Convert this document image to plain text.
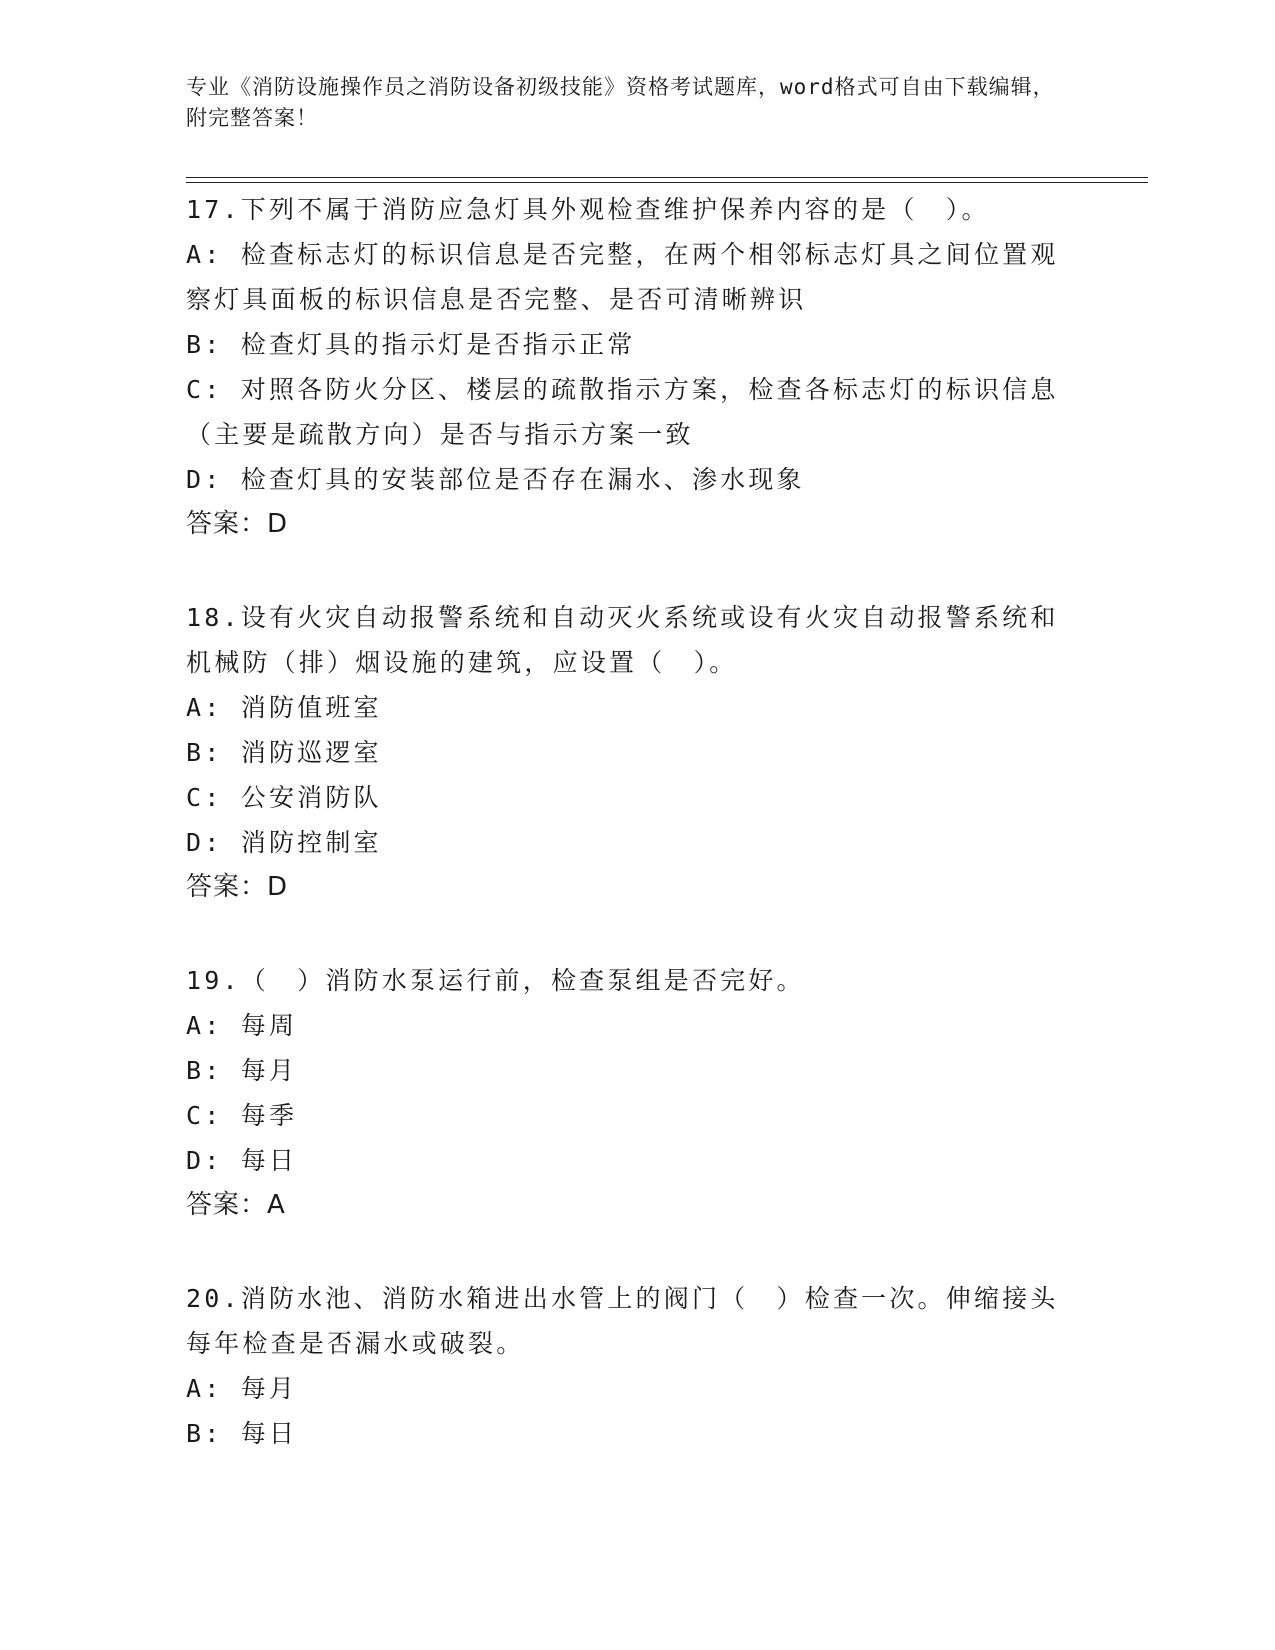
专业《消防设施操作员之消防设备初级技能》资格考试题库，word格式可自由下载编辑，附完整答案！
17.下列不属于消防应急灯具外观检查维护保养内容的是（　）。
A: 检查标志灯的标识信息是否完整，在两个相邻标志灯具之间位置观察灯具面板的标识信息是否完整、是否可清晰辨识
B: 检查灯具的指示灯是否指示正常
C: 对照各防火分区、楼层的疏散指示方案，检查各标志灯的标识信息（主要是疏散方向）是否与指示方案一致
D: 检查灯具的安装部位是否存在漏水、渗水现象
答案：D
18.设有火灾自动报警系统和自动灭火系统或设有火灾自动报警系统和机械防（排）烟设施的建筑，应设置（　）。
A: 消防值班室
B: 消防巡逻室
C: 公安消防队
D: 消防控制室
答案：D
19.（　）消防水泵运行前，检查泵组是否完好。
A: 每周
B: 每月
C: 每季
D: 每日
答案：A
20.消防水池、消防水箱进出水管上的阀门（　）检查一次。伸缩接头每年检查是否漏水或破裂。
A: 每月
B: 每日
